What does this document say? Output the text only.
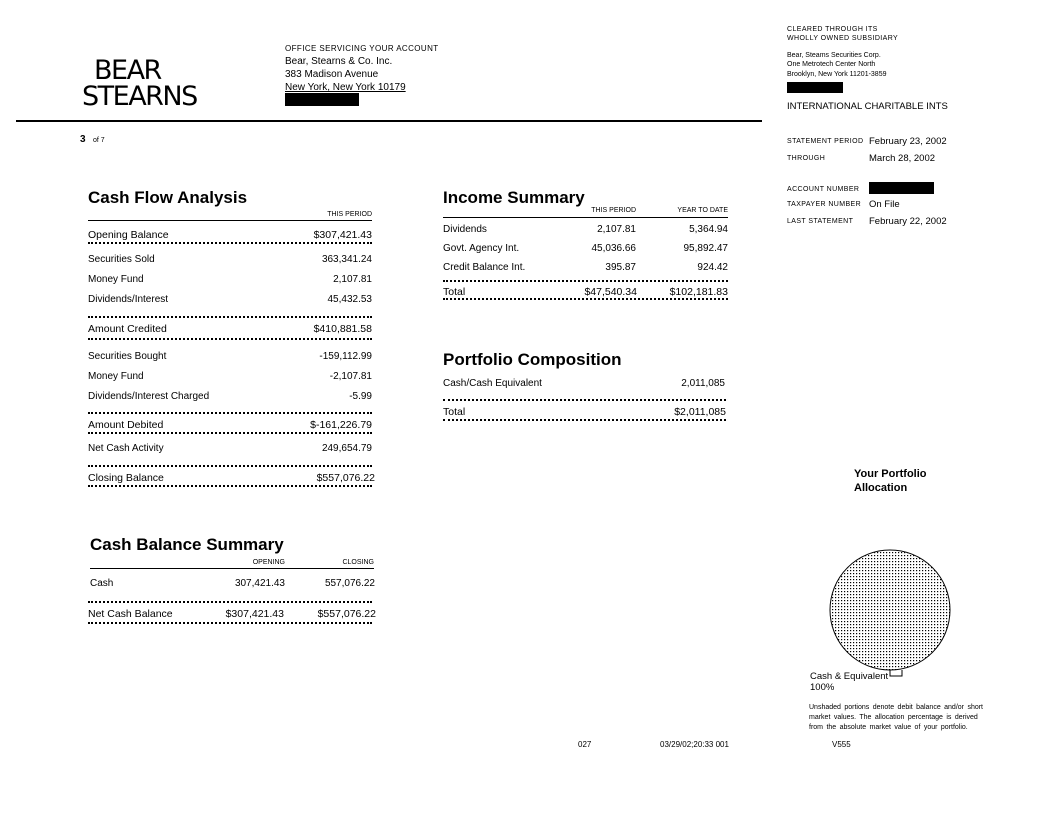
BEAR
STEARNS
OFFICE SERVICING YOUR ACCOUNT
Bear, Stearns & Co. Inc.
383 Madison Avenue
New York, New York 10179
CLEARED THROUGH ITS
WHOLLY OWNED SUBSIDIARY
Bear, Steams Securities Corp.
One Metrotech Center North
Brooklyn, New York 11201-3859
INTERNATIONAL CHARITABLE INTS
3 of 7	STATEMENT PERIOD February 23, 2002
THROUGH	March 28, 2002
ACCOUNT NUMBER
TAXPAYER NUMBER On File
LAST STATEMENT February 22, 2002
Cash Flow Analysis
THIS PERIOD
Opening Balance	$307,421.43
Securities Sold	363,341.24
Money Fund	2,107.81
Dividends/Interest	45,432.53
Amount Credited	$410,881.58
Securities Bought	-159,112.99
Money Fund	-2,107.81
Dividends/Interest Charged	-5.99
Amount Debited	$-161,226.79
Net Cash Activity	249,654.79
Closing Balance	$557,076.22
Income Summary
THIS PERIOD	YEAR TO DATE
Dividends	2,107.81	5,364.94
Govt. Agency Int.	45,036.66	95,892.47
Credit Balance Int.	395.87	924.42
Total	$47,540.34	$102,181.83
Portfolio Composition
Cash/Cash Equivalent	2,011,085
Total	$2,011,085
Cash Balance Summary
OPENING	CLOSING
Cash	307,421.43	557,076.22
Net Cash Balance	$307,421.43	$557,076.22
Your Portfolio
Allocation
Cash & Equivalent
100%
Unshaded portions denote debit balance and/or short
market values. The allocation percentage is derived
from the absolute market value of your portfolio.
027	03/29/02;20:33 001	V555
